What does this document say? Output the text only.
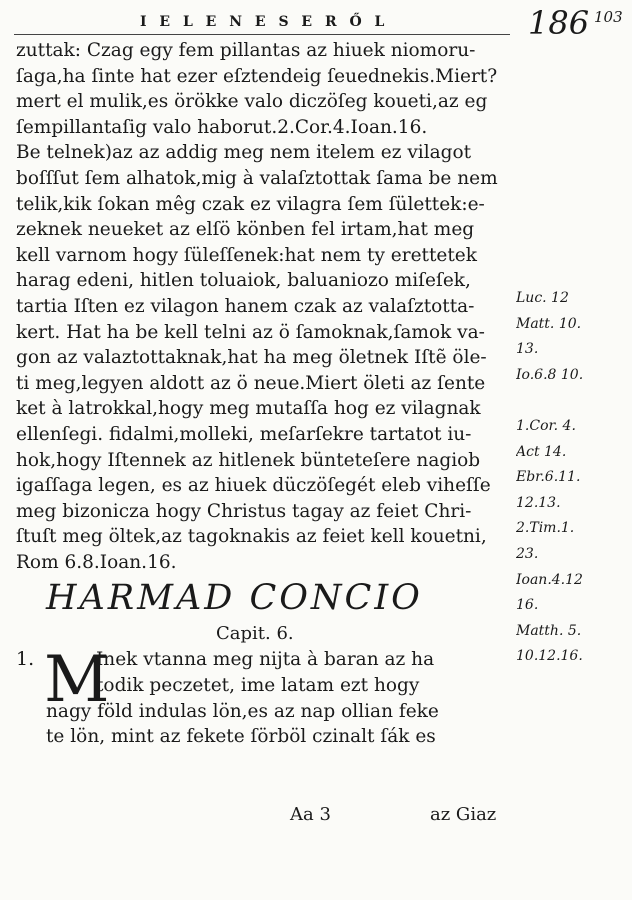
I E L E N E S E R Ő L	186 103
zuttak: Czag egy fem pillantas az hiuek niomoru-
ſaga,ha ſinte hat ezer eſztendeig ſeuednekis.Miert?
mert el mulik,es örökke valo diczöſeg koueti,az eg
ſempillantaſig valo haborut.2.Cor.4.Ioan.16.
Be telnek)az az addig meg nem itelem ez vilagot
boſſſut ſem alhatok,mig à valaſztottak ſama be nem
telik,kik ſokan mêg czak ez vilagra ſem ſülettek:e-
zeknek neueket az elſö könben fel irtam,hat meg
kell varnom hogy ſüleſſenek:hat nem ty erettetek
harag edeni, hitlen toluaiok, baluaniozo miſeſek,
tartia Iſten ez vilagon hanem czak az valaſztotta-
kert. Hat ha be kell telni az ö ſamoknak,ſamok va-
gon az valaztottaknak,hat ha meg öletnek Iſtẽ öle-
ti meg,legyen aldott az ö neue.Miert öleti az ſente
ket à latrokkal,hogy meg mutaſſa hog ez vilagnak
ellenſegi. fidalmi,molleki, meſarſekre tartatot iu-
hok,hogy Iſtennek az hitlenek bünteteſere nagiob
igaſſaga legen, es az hiuek düczöſegét eleb viheſſe
meg bizonicza hogy Christus tagay az feiet Chri-
ſtuſt meg öltek,az tagoknakis az feiet kell kouetni,
Rom 6.8.Ioan.16.
HARMAD CONCIO
Capit. 6.
1. M
Inek vtanna meg nijta à baran az ha
todik peczetet, ime latam ezt hogy
nagy föld indulas lön,es az nap ollian feke
te lön, mint az fekete ſörböl czinalt ſák es
Aa 3	az Giaz
Luc. 12
Matt. 10.
13.
Io.6.8 10.
1.Cor. 4.
Act 14.
Ebr.6.11.
12.13.
2.Tim.1.
23.
Ioan.4.12
16.
Matth. 5.
10.12.16.
